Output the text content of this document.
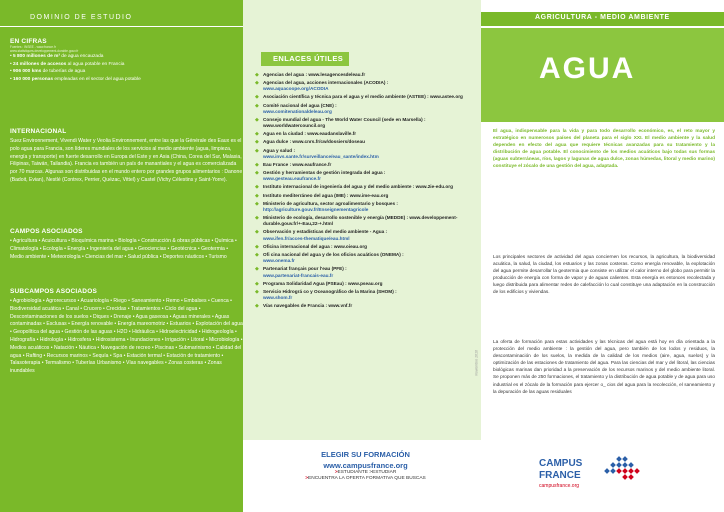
DOMINIO DE ESTUDIO
EN CIFRAS
Fuentes : INSEE - www.france.fr
www.statistiques.developpement-durable.gouv.fr
• 5 800 millones de m³ de agua encauzada
• 24 millones de accesos al agua potable en Francia
• 906 000 kms de tuberías de agua
• 160 000 personas empleadas en el sector del agua potable
INTERNACIONAL
Suez Environnement, Vivendi Water y Veolia Environnement, entre las que la Générale des Eaux es el polo agua para Francia, son líderes mundiales de los servicios al medio ambiente (agua, limpieza, energía y transporte) en fuerte desarrollo en Europa del Este y en Asia (China, Corea del Sur, Malasia, Filipinas, Taiwán, Tailandia). Francia es también un país de manantiales y el agua es comercializada por 70 marcas. Algunas son distribuidas en el mundo entero por grandes grupos alimentarios : Danone (Badoit, Evian), Nestlé (Contrex, Perrier, Quézac, Vittel) y Castel (Vichy Célestins y Saint-Yorre).
CAMPOS ASOCIADOS
• Agricultura • Acuicultura • Bioquímica marina • Biología • Construcción & obras públicas • Química • Climatología • Ecología • Energía • Ingeniería del agua • Geociencias • Geotécnica • Geotermia • Medio ambiente • Meteorología • Ciencias del mar • Salud pública • Deportes náuticos • Turismo
SUBCAMPOS ASOCIADOS
• Agrobiología • Agrorecursos • Acuariología • Riego • Saneamiento • Remo • Embalses • Cuenca • Biodiversidad acuática • Canal • Crucero • Crecidas • Tratamientos • Ciclo del agua • Descontaminaciones de los suelos • Diques • Drenaje • Agua gaseosa • Aguas minerales • Aguas contaminadas • Esclusas • Energía renovable • Energía mareomotriz • Estuarios • Explotación del agua • Geopolítica del agua • Gestión de las aguas • H2O • Hidráulica • Hidroelectricidad • Hidrogeología • Hidrografía • Hidrología • Hidrosfera • Hidrosistema • Inundaciones • Irrigación • Litoral • Microbiología • Medios acuáticos • Natación • Náutica • Navegación de recreo • Piscinas • Submarinismo • Calidad del agua • Rafting • Recursos marinos • Sequía • Spa • Estación termal • Estación de tratamiento • Talasoterapia • Termalismo • Tuberías Urbanismo • Vías navegables • Zonas costeras • Zonas inundables
ENLACES ÚTILES
◆ Agencias del agua : www.lesagencesdeleau.fr
◆ Agencias del agua, acciones internacionales (ACODIA) :
www.aquacoope.org/ACODIA
◆ Asociación científica y técnica para el agua y el medio ambiente (ASTEE) : www.astee.org
◆ Comité nacional del agua (CNE) :
www.comitenationaldeleau.org
◆ Consejo mundial del agua - The World Water Council (sede en Marsella) : www.worldwatercouncil.org
◆ Agua en la ciudad : www.eaudanslaville.fr
◆ Agua dulce : www.cnrs.fr/cw/dossiers/doseau
◆ Agua y salud :
www.invs.sante.fr/surveillance/eau_sante/index.htm
◆ Eau France : www.eaufrance.fr
◆ Gestión y herramientas de gestión integrada del agua :
www.gesteau.eaufrance.fr
◆ Instituto internacional de ingeniería del agua y del medio ambiente : www.2ie-edu.org
◆ Instituto mediterráneo del agua (IME) : www.ime-eau.org
◆ Ministerio de agricultura, sector agroalimentario y bosques :
http://agriculture.gouv.fr/Enseignementagricole
◆ Ministerio de ecología, desarrollo sostenible y energía (MEDDE) : www.developpement-durable.gouv.fr/+-Eau,22-+.html
◆ Observación y estadísticas del medio ambiente - Agua :
www.ifen.fr/acces-thematique/eau.html
◆ Oficina internacional del agua : www.oieau.org
◆ Ofi cina nacional del agua y de los oficios acuáticos (ONEMA) :
www.onema.fr
◆ Partenariat français pour l'eau (PFE) :
www.partenariat-francais-eau.fr
◆ Programa Solidaridad Agua (PSEau) : www.pseau.org
◆ Servicio Hidrográ co y Oceanográfico de la Marina (SHOM) :
www.shom.fr
◆ Vías navegables de Francia : www.vnf.fr
Noviembre 2016
AGRICULTURA - MEDIO AMBIENTE
AGUA
El agua, indispensable para la vida y para todo desarrollo económico, es, el reto mayor y estratégico en numerosos países del planeta para el siglo XXI. El medio ambiente y la salud dependen en efecto del agua que requiere técnicas avanzadas para su tratamiento y la distribución de agua potable. El conocimiento de los medios acuáticos bajo todas sus formas (aguas subterráneas, ríos, lagos y lagunas de agua dulce, zonas húmedas, litoral y medio marino) constituye el zócalo de una gestión del agua, adaptada.
Los principales sectores de actividad del agua conciernen los recursos, la agricultura, la biodiversidad acuática, la salud, la ciudad, los estuarios y las zonas costeras. Como energía renovable, la explotación del agua permite desarrollar la geotermia que consiste en utilizar el calor interno del globo para permitir la producción de energía con forma de vapor y de aguas calientes. Esta energía es entonces recolectada y luego distribuida para alimentar redes de calefacción lo cual constituye una adaptación en la construcción de los edificios y viviendas.
La oferta de formación para estas actividades y las técnicas del agua está hoy en día orientada a la protección del medio ambiente : la gestión del agua, pero también de los lodos y residuos, la descontaminación de los suelos, la medida de la calidad de los medios (aire, agua, suelos) y la optimización de las estaciones de tratamiento del agua. Para las ciencias del mar y del litoral, las ciencias biológicas marinas dan prioridad a la preservación de los recursos marinos y del medio ambiente litoral. Se proponen más de 250 formaciones, el tratamiento y la distribución de agua potable y de agua para uso industrial es el zócalo de la formación para ejercer o_ cios del agua para la recolección, el saneamiento y la depuración de las aguas residuales
ELEGIR SU FORMACIÓN
www.campusfrance.org
>ESTUDIANTE >ESTUDIAR
>ENCUENTRA LA OFERTA FORMATIVA QUE BUSCAS
CAMPUS
FRANCE
campusfrance.org
